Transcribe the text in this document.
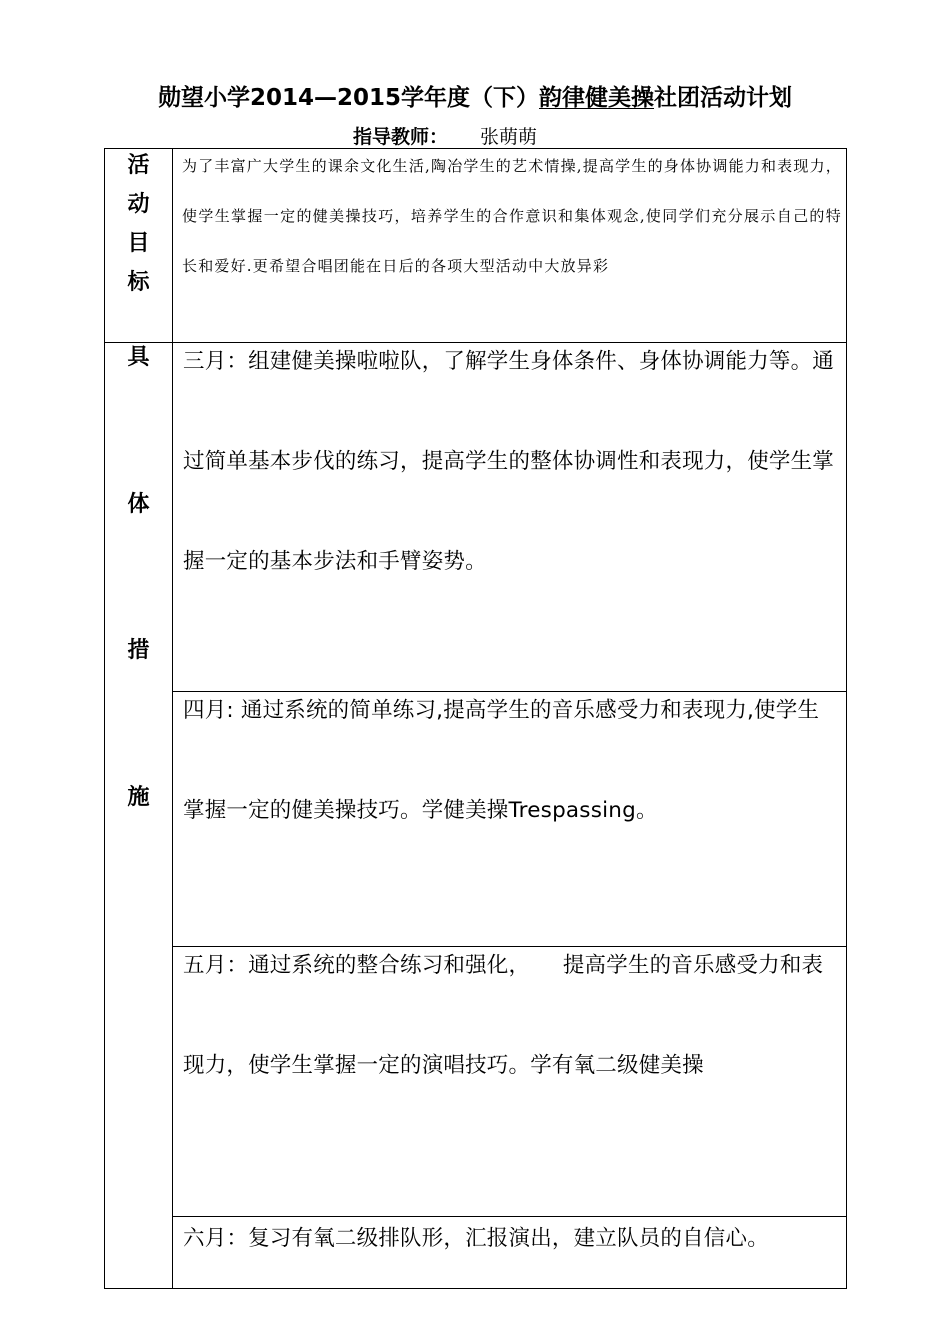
勋望小学2014—2015学年度（下）韵律健美操社团活动计划
指导教师： 张萌萌
活
动
目
标	为了丰富广大学生的课余文化生活,陶冶学生的艺术情操,提高学生的身体协调能力和表现力，使学生掌握一定的健美操技巧，培养学生的合作意识和集体观念,使同学们充分展示自己的特长和爱好.更希望合唱团能在日后的各项大型活动中大放异彩

具
体
措
施	三月：组建健美操啦啦队，了解学生身体条件、身体协调能力等。通过简单基本步伐的练习，提高学生的整体协调性和表现力，使学生掌握一定的基本步法和手臂姿势。

	四月: 通过系统的简单练习,提高学生的音乐感受力和表现力,使学生掌握一定的健美操技巧。学健美操Trespassing。

	五月：通过系统的整合练习和强化，　　提高学生的音乐感受力和表现力，使学生掌握一定的演唱技巧。学有氧二级健美操

	六月：复习有氧二级排队形，汇报演出，建立队员的自信心。
